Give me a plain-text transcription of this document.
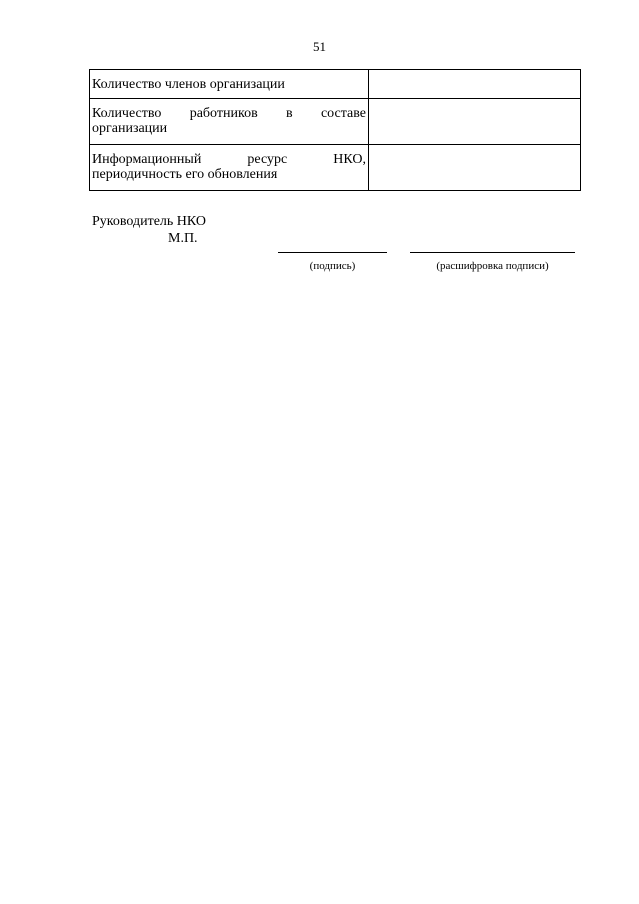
51
Количество членов организации	
Количество работников в составе организации	
Информационный ресурс НКО, периодичность его обновления	
Руководитель НКО
М.П.
(подпись)	(расшифровка подписи)
